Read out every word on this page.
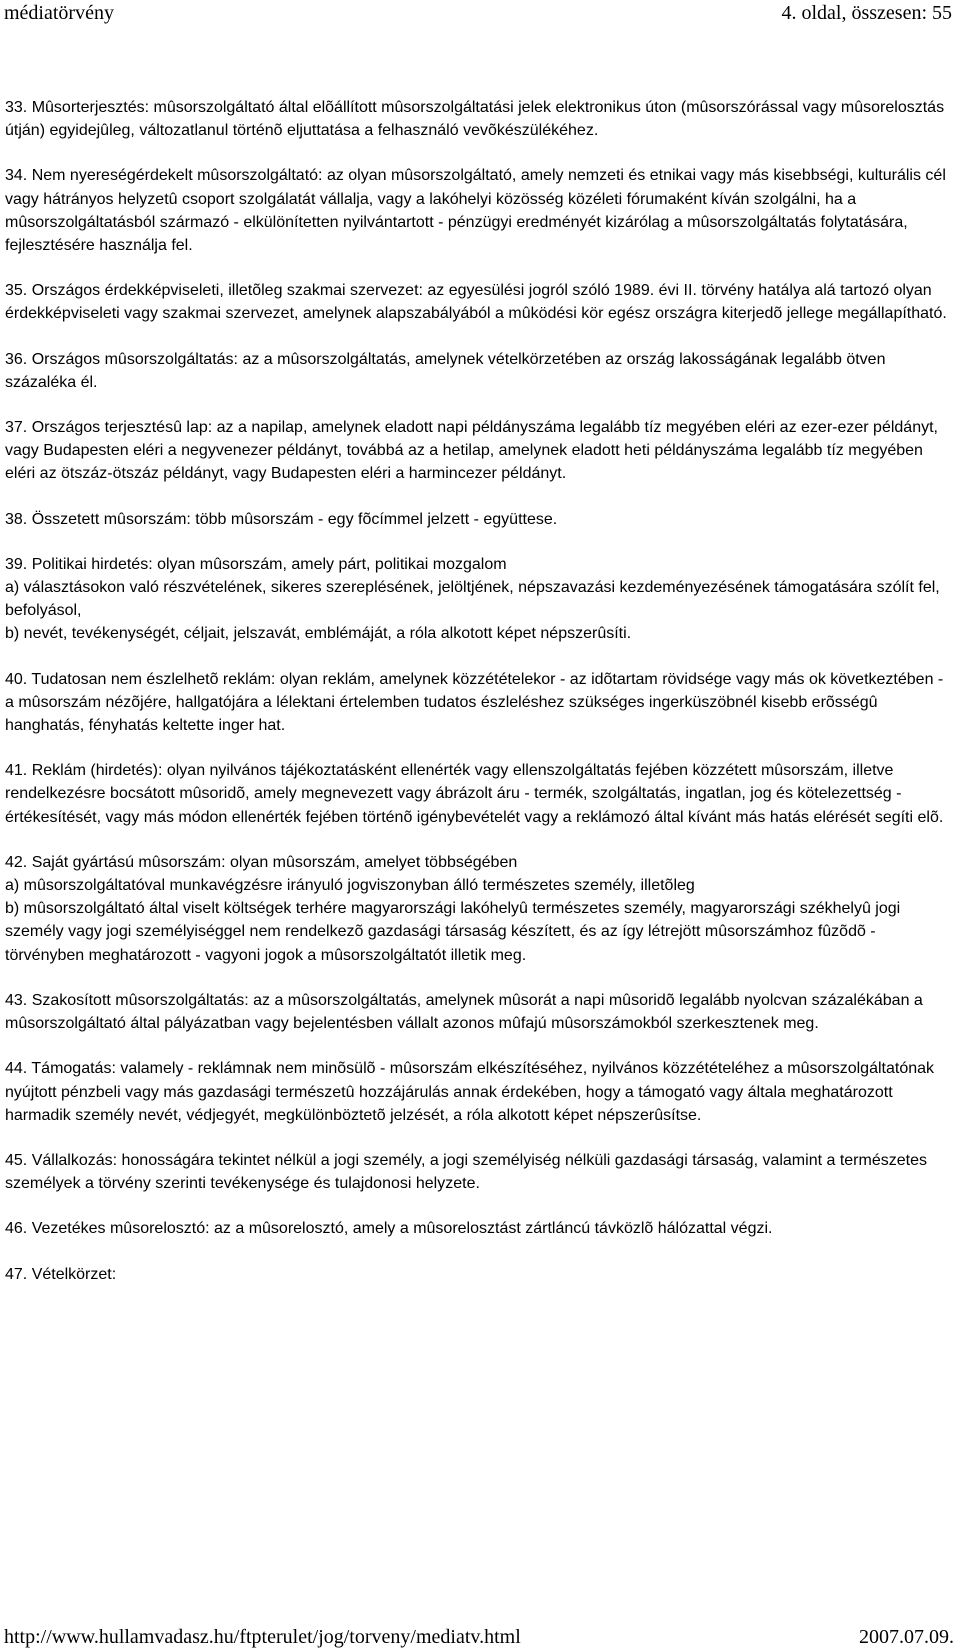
médiatörvény	4. oldal, összesen: 55

33. Mûsorterjesztés: mûsorszolgáltató által elõállított mûsorszolgáltatási jelek elektronikus úton (mûsorszórással vagy mûsorelosztás útján) egyidejûleg, változatlanul történõ eljuttatása a felhasználó vevõkészülékéhez.

34. Nem nyereségérdekelt mûsorszolgáltató: az olyan mûsorszolgáltató, amely nemzeti és etnikai vagy más kisebbségi, kulturális cél vagy hátrányos helyzetû csoport szolgálatát vállalja, vagy a lakóhelyi közösség közéleti fórumaként kíván szolgálni, ha a mûsorszolgáltatásból származó - elkülönítetten nyilvántartott - pénzügyi eredményét kizárólag a mûsorszolgáltatás folytatására, fejlesztésére használja fel.

35. Országos érdekképviseleti, illetõleg szakmai szervezet: az egyesülési jogról szóló 1989. évi II. törvény hatálya alá tartozó olyan érdekképviseleti vagy szakmai szervezet, amelynek alapszabályából a mûködési kör egész országra kiterjedõ jellege megállapítható.

36. Országos mûsorszolgáltatás: az a mûsorszolgáltatás, amelynek vételkörzetében az ország lakosságának legalább ötven százaléka él.

37. Országos terjesztésû lap: az a napilap, amelynek eladott napi példányszáma legalább tíz megyében eléri az ezer-ezer példányt, vagy Budapesten eléri a negyvenezer példányt, továbbá az a hetilap, amelynek eladott heti példányszáma legalább tíz megyében eléri az ötszáz-ötszáz példányt, vagy Budapesten eléri a harmincezer példányt.

38. Összetett mûsorszám: több mûsorszám - egy fõcímmel jelzett - együttese.

39. Politikai hirdetés: olyan mûsorszám, amely párt, politikai mozgalom

a) választásokon való részvételének, sikeres szereplésének, jelöltjének, népszavazási kezdeményezésének támogatására szólít fel, befolyásol,

b) nevét, tevékenységét, céljait, jelszavát, emblémáját, a róla alkotott képet népszerûsíti.

40. Tudatosan nem észlelhetõ reklám: olyan reklám, amelynek közzétételekor - az idõtartam rövidsége vagy más ok következtében - a mûsorszám nézõjére, hallgatójára a lélektani értelemben tudatos észleléshez szükséges ingerküszöbnél kisebb erõsségû hanghatás, fényhatás keltette inger hat.

41. Reklám (hirdetés): olyan nyilvános tájékoztatásként ellenérték vagy ellenszolgáltatás fejében közzétett mûsorszám, illetve rendelkezésre bocsátott mûsoridõ, amely megnevezett vagy ábrázolt áru - termék, szolgáltatás, ingatlan, jog és kötelezettség - értékesítését, vagy más módon ellenérték fejében történõ igénybevételét vagy a reklámozó által kívánt más hatás elérését segíti elõ.

42. Saját gyártású mûsorszám: olyan mûsorszám, amelyet többségében

a) mûsorszolgáltatóval munkavégzésre irányuló jogviszonyban álló természetes személy, illetõleg

b) mûsorszolgáltató által viselt költségek terhére magyarországi lakóhelyû természetes személy, magyarországi székhelyû jogi személy vagy jogi személyiséggel nem rendelkezõ gazdasági társaság készített, és az így létrejött mûsorszámhoz fûzõdõ - törvényben meghatározott - vagyoni jogok a mûsorszolgáltatót illetik meg.

43. Szakosított mûsorszolgáltatás: az a mûsorszolgáltatás, amelynek mûsorát a napi mûsoridõ legalább nyolcvan százalékában a mûsorszolgáltató által pályázatban vagy bejelentésben vállalt azonos mûfajú mûsorszámokból szerkesztenek meg.

44. Támogatás: valamely - reklámnak nem minõsülõ - mûsorszám elkészítéséhez, nyilvános közzétételéhez a mûsorszolgáltatónak nyújtott pénzbeli vagy más gazdasági természetû hozzájárulás annak érdekében, hogy a támogató vagy általa meghatározott harmadik személy nevét, védjegyét, megkülönböztetõ jelzését, a róla alkotott képet népszerûsítse.

45. Vállalkozás: honosságára tekintet nélkül a jogi személy, a jogi személyiség nélküli gazdasági társaság, valamint a természetes személyek a törvény szerinti tevékenysége és tulajdonosi helyzete.

46. Vezetékes mûsorelosztó: az a mûsorelosztó, amely a mûsorelosztást zártláncú távközlõ hálózattal végzi.

47. Vételkörzet:

http://www.hullamvadasz.hu/ftpterulet/jog/torveny/mediatv.html	2007.07.09.
